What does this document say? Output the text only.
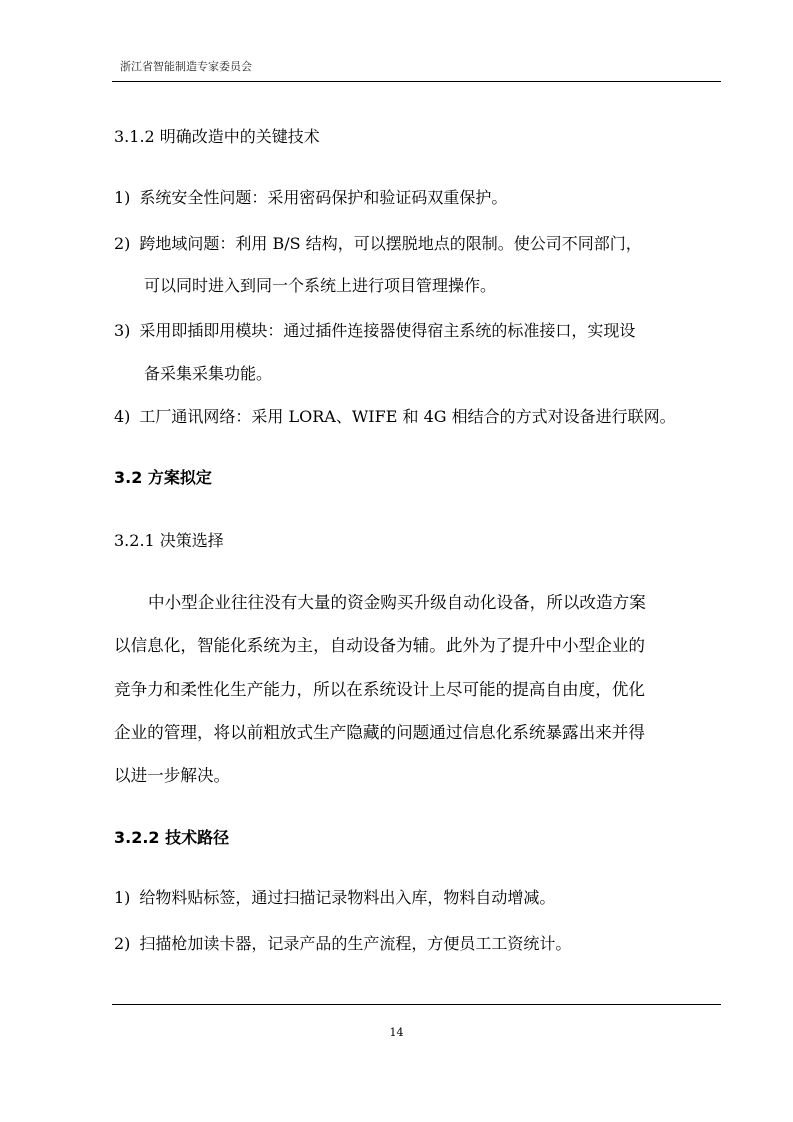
浙江省智能制造专家委员会
3.1.2 明确改造中的关键技术
1) 系统安全性问题：采用密码保护和验证码双重保护。
2) 跨地域问题：利用 B/S 结构，可以摆脱地点的限制。使公司不同部门，
可以同时进入到同一个系统上进行项目管理操作。
3) 采用即插即用模块：通过插件连接器使得宿主系统的标准接口，实现设
备采集采集功能。
4) 工厂通讯网络：采用 LORA、WIFE 和 4G 相结合的方式对设备进行联网。
3.2 方案拟定
3.2.1 决策选择
中小型企业往往没有大量的资金购买升级自动化设备，所以改造方案
以信息化，智能化系统为主，自动设备为辅。此外为了提升中小型企业的
竞争力和柔性化生产能力，所以在系统设计上尽可能的提高自由度，优化
企业的管理，将以前粗放式生产隐藏的问题通过信息化系统暴露出来并得
以进一步解决。
3.2.2 技术路径
1) 给物料贴标签，通过扫描记录物料出入库，物料自动增减。
2) 扫描枪加读卡器，记录产品的生产流程，方便员工工资统计。
14
